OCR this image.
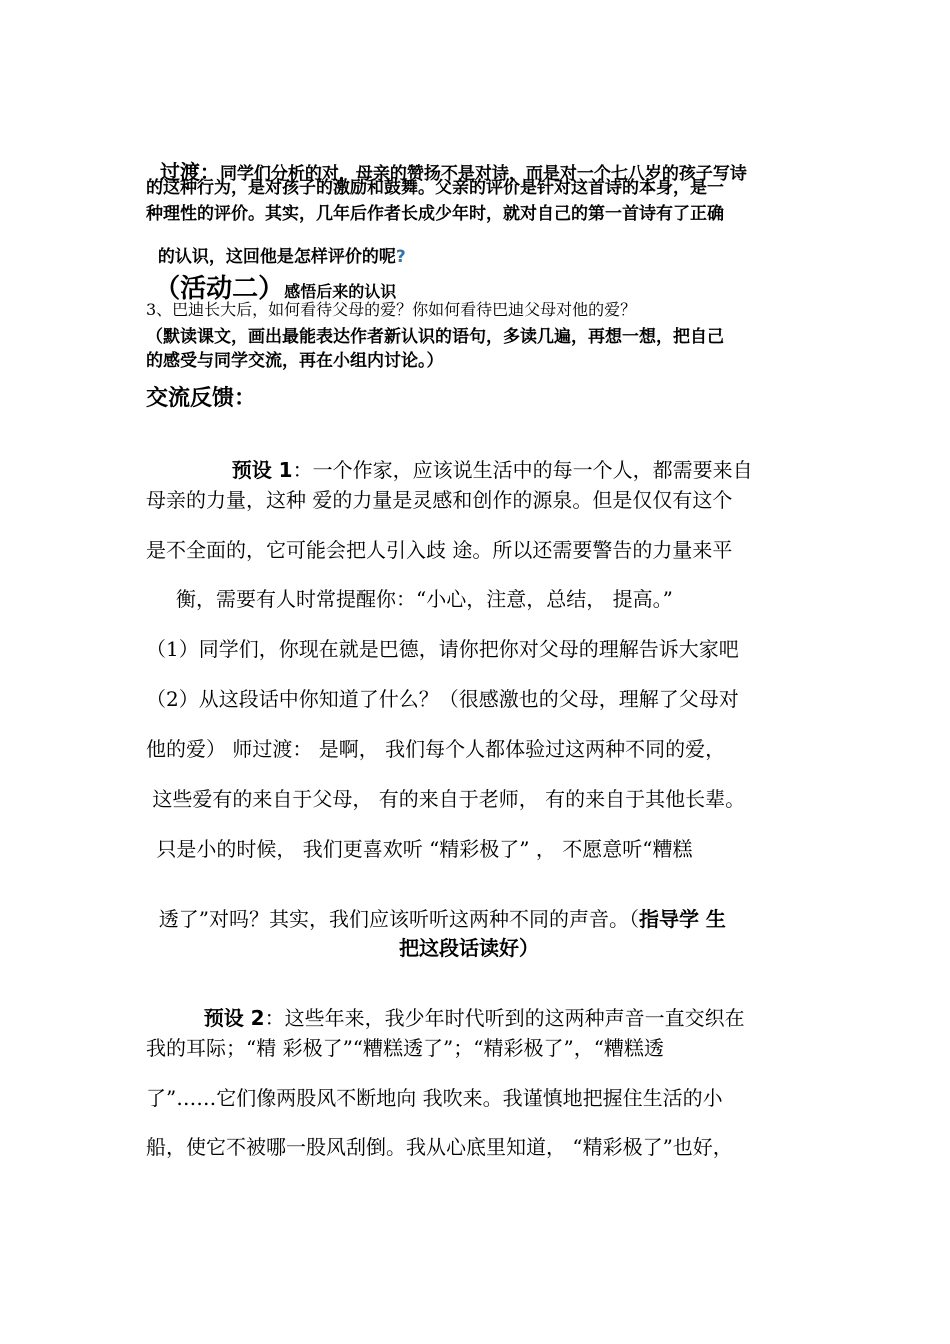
过渡：同学们分析的对，母亲的赞扬不是对诗，而是对一个七八岁的孩子写诗

的这种行为，是对孩子的激励和鼓舞。父亲的评价是针对这首诗的本身，是一
种理性的评价。其实，几年后作者长成少年时，就对自己的第一首诗有了正确

的认识，这回他是怎样评价的呢?

（活动二）感悟后来的认识

3、巴迪长大后，如何看待父母的爱？你如何看待巴迪父母对他的爱？
（默读课文，画出最能表达作者新认识的语句，多读几遍，再想一想，把自己
的感受与同学交流，再在小组内讨论。）
交流反馈：

预设 1：一个作家，应该说生活中的每一个人，都需要来自

母亲的力量，这种 爱的力量是灵感和创作的源泉。但是仅仅有这个
是不全面的，它可能会把人引入歧 途。所以还需要警告的力量来平
衡，需要有人时常提醒你：“小心，注意，总结， 提高。”
（1）同学们，你现在就是巴德，请你把你对父母的理解告诉大家吧
（2）从这段话中你知道了什么？（很感激也的父母，理解了父母对
他的爱） 师过渡： 是啊， 我们每个人都体验过这两种不同的爱，
这些爱有的来自于父母， 有的来自于老师， 有的来自于其他长辈。
只是小的时候， 我们更喜欢听 “精彩极了” ， 不愿意听“糟糕

透了”对吗？其实，我们应该听听这两种不同的声音。（指导学 生

把这段话读好）

预设 2：这些年来，我少年时代听到的这两种声音一直交织在

我的耳际；“精 彩极了”“糟糕透了”；“精彩极了”，“糟糕透
了”……它们像两股风不断地向 我吹来。我谨慎地把握住生活的小
船，使它不被哪一股风刮倒。我从心底里知道， “精彩极了”也好，
